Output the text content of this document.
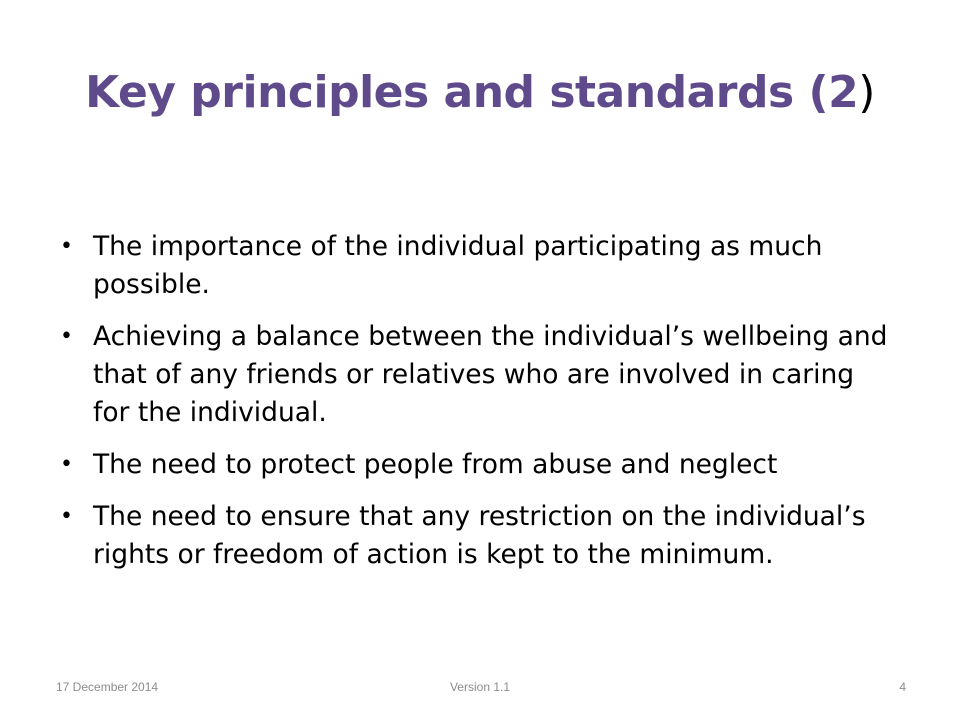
Key principles and standards (2)
• The importance of the individual participating as much possible.
• Achieving a balance between the individual’s wellbeing and that of any friends or relatives who are involved in caring for the individual.
• The need to protect people from abuse and neglect
• The need to ensure that any restriction on the individual’s rights or freedom of action is kept to the minimum.
17 December 2014	Version 1.1	4
